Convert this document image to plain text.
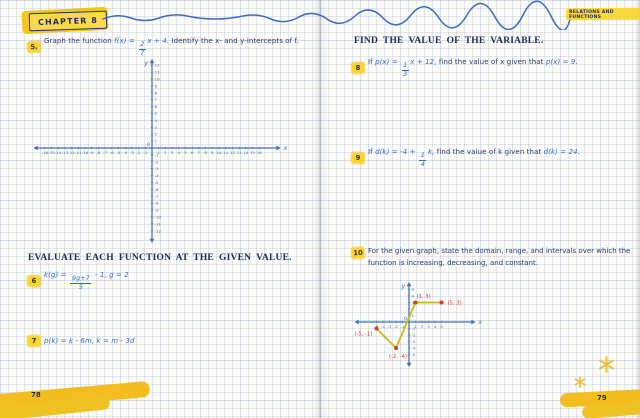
CHAPTER 8
RELATIONS AND FUNCTIONS
5.
Graph the function f(x) =
$\frac{2}{7}$
x + 4. Identify the x- and y-intercepts of f.
-16 -15 -14 -13 -12 -11 -10 -9 -8 -7 -6 -5 -4 -3 -2 -1	1 2 3 4 5 6 7 8 9 10 11 12 13 14 15 16
-12
-11
-10
-9
-8
-7
-6
-5
-4
-3
-2
-1
1
2
3
4
5
6
7
8
9
10
11
12
y
x
0
EVALUATE EACH FUNCTION AT THE GIVEN VALUE.
6
k(g) =
$\frac{9g+7}{5}$
- 1, g = 2
7	p(k) = k - 6m, k = m - 3d
78
FIND THE VALUE OF THE VARIABLE.
8
If p(x) =
$\frac{1}{3}$
x + 12, find the value of x given that p(x) = 9.
9
If d(k) = -4 +
$\frac{1}{4}$
k, find the value of k given that d(k) = 24.
10 For the given graph, state the domain, range, and intervals over which the
function is increasing, decreasing, and constant.
-4 -3 -2 -1	1 2 3 4 5
-5
-4
-3
-2
-1
1
2
3
4
5
y
x
0
(-5, -1)
(-2, -4)
(1, 3)
(5, 3)
79
